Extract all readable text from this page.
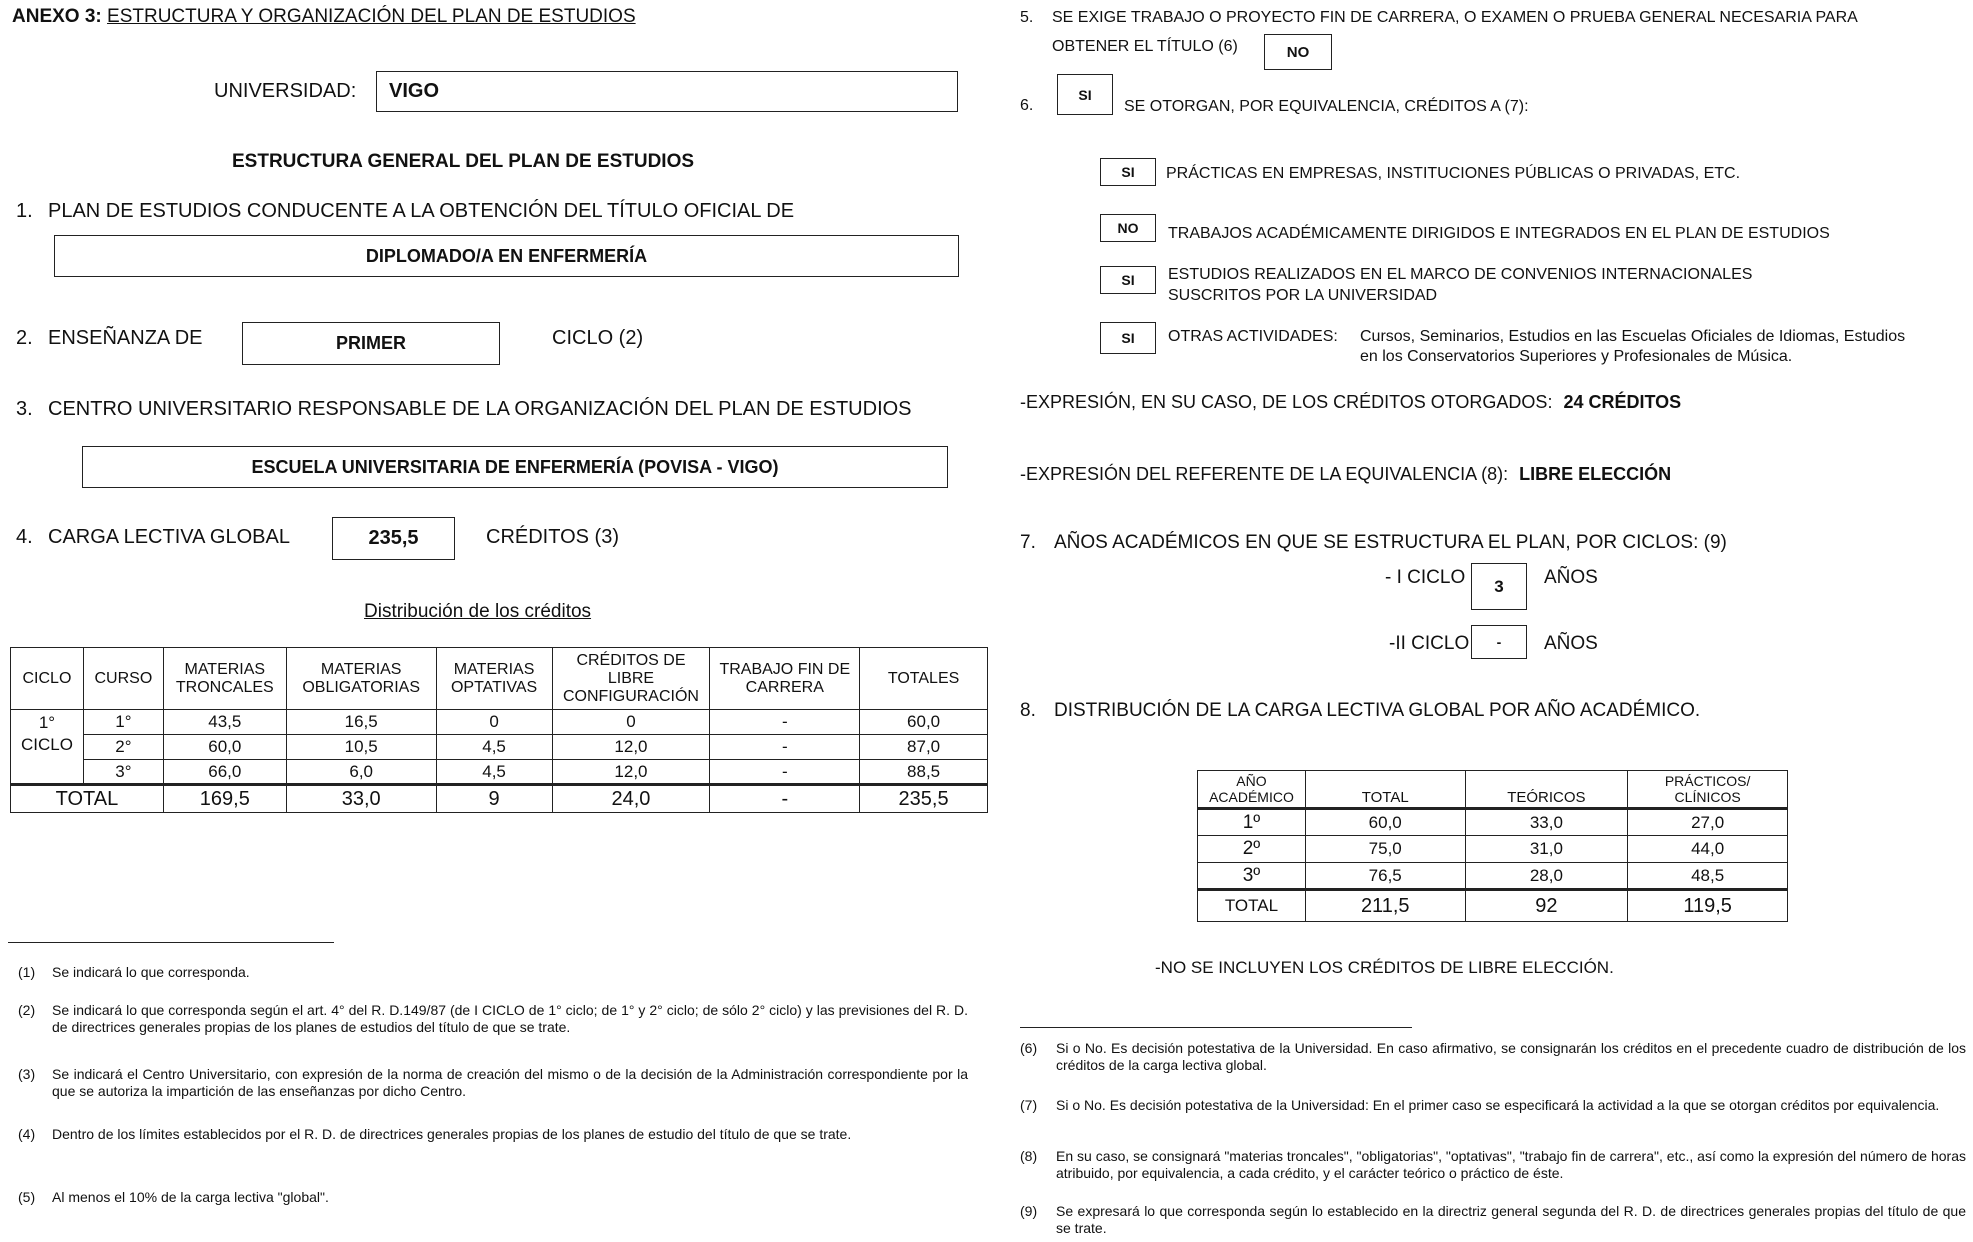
ANEXO 3: ESTRUCTURA Y ORGANIZACIÓN DEL PLAN DE ESTUDIOS
UNIVERSIDAD:	VIGO
ESTRUCTURA GENERAL DEL PLAN DE ESTUDIOS
1. PLAN DE ESTUDIOS CONDUCENTE A LA OBTENCIÓN DEL TÍTULO OFICIAL DE
DIPLOMADO/A EN ENFERMERÍA
2. ENSEÑANZA DE	PRIMER	CICLO (2)
3. CENTRO UNIVERSITARIO RESPONSABLE DE LA ORGANIZACIÓN DEL PLAN DE ESTUDIOS
ESCUELA UNIVERSITARIA DE ENFERMERÍA (POVISA - VIGO)
4. CARGA LECTIVA GLOBAL	235,5	CRÉDITOS (3)
Distribución de los créditos
CICLO	CURSO	MATERIAS TRONCALES	MATERIAS OBLIGATORIAS	MATERIAS OPTATIVAS	CRÉDITOS DE LIBRE CONFIGURACIÓN	TRABAJO FIN DE CARRERA	TOTALES
1° CICLO	1°	43,5	16,5	0	0	-	60,0
	2°	60,0	10,5	4,5	12,0	-	87,0
	3°	66,0	6,0	4,5	12,0	-	88,5
TOTAL		169,5	33,0	9	24,0	-	235,5
(1) Se indicará lo que corresponda.
(2) Se indicará lo que corresponda según el art. 4° del R. D.149/87 (de I CICLO de 1° ciclo; de 1° y 2° ciclo; de sólo 2° ciclo) y las previsiones del R. D. de directrices generales propias de los planes de estudios del título de que se trate.
(3) Se indicará el Centro Universitario, con expresión de la norma de creación del mismo o de la decisión de la Administración correspondiente por la que se autoriza la impartición de las enseñanzas por dicho Centro.
(4) Dentro de los límites establecidos por el R. D. de directrices generales propias de los planes de estudio del título de que se trate.
(5) Al menos el 10% de la carga lectiva "global".
5. SE EXIGE TRABAJO O PROYECTO FIN DE CARRERA, O EXAMEN O PRUEBA GENERAL NECESARIA PARA
OBTENER EL TÍTULO (6)	NO
6.
SI
SE OTORGAN, POR EQUIVALENCIA, CRÉDITOS A (7):
SI	PRÁCTICAS EN EMPRESAS, INSTITUCIONES PÚBLICAS O PRIVADAS, ETC.
NO	TRABAJOS ACADÉMICAMENTE DIRIGIDOS E INTEGRADOS EN EL PLAN DE ESTUDIOS
SI	ESTUDIOS REALIZADOS EN EL MARCO DE CONVENIOS INTERNACIONALES
SUSCRITOS POR LA UNIVERSIDAD
SI	OTRAS ACTIVIDADES: Cursos, Seminarios, Estudios en las Escuelas Oficiales de Idiomas, Estudios
en los Conservatorios Superiores y Profesionales de Música.
-EXPRESIÓN, EN SU CASO, DE LOS CRÉDITOS OTORGADOS: 24 CRÉDITOS
-EXPRESIÓN DEL REFERENTE DE LA EQUIVALENCIA (8): LIBRE ELECCIÓN
7. AÑOS ACADÉMICOS EN QUE SE ESTRUCTURA EL PLAN, POR CICLOS: (9)
- I CICLO	3	AÑOS
-II CICLO	-	AÑOS
8. DISTRIBUCIÓN DE LA CARGA LECTIVA GLOBAL POR AÑO ACADÉMICO.
AÑO ACADÉMICO	TOTAL	TEÓRICOS	PRÁCTICOS/ CLÍNICOS
1º	60,0	33,0	27,0
2º	75,0	31,0	44,0
3º	76,5	28,0	48,5
TOTAL	211,5	92	119,5
-NO SE INCLUYEN LOS CRÉDITOS DE LIBRE ELECCIÓN.
(6) Si o No. Es decisión potestativa de la Universidad. En caso afirmativo, se consignarán los créditos en el precedente cuadro de distribución de los créditos de la carga lectiva global.
(7) Si o No. Es decisión potestativa de la Universidad: En el primer caso se especificará la actividad a la que se otorgan créditos por equivalencia.
(8) En su caso, se consignará "materias troncales", "obligatorias", "optativas", "trabajo fin de carrera", etc., así como la expresión del número de horas atribuido, por equivalencia, a cada crédito, y el carácter teórico o práctico de éste.
(9) Se expresará lo que corresponda según lo establecido en la directriz general segunda del R. D. de directrices generales propias del título de que se trate.
